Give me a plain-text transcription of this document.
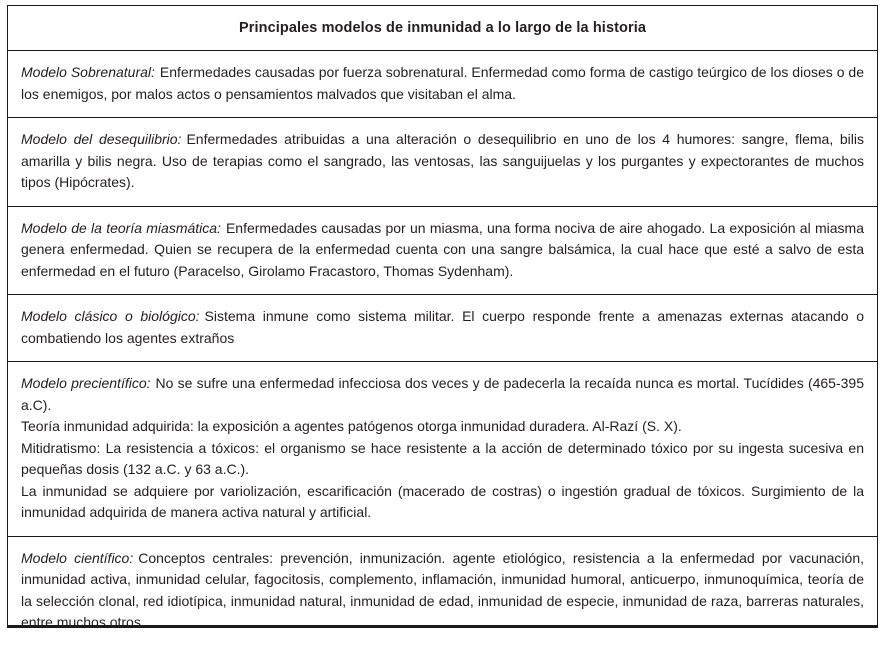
Principales modelos de inmunidad a lo largo de la historia

Modelo Sobrenatural: Enfermedades causadas por fuerza sobrenatural. Enfermedad como forma de castigo teúrgico de los dioses o de los enemigos, por malos actos o pensamientos malvados que visitaban el alma.

Modelo del desequilibrio: Enfermedades atribuidas a una alteración o desequilibrio en uno de los 4 humores: sangre, flema, bilis amarilla y bilis negra. Uso de terapias como el sangrado, las ventosas, las sanguijuelas y los purgantes y expectorantes de muchos tipos (Hipócrates).

Modelo de la teoría miasmática: Enfermedades causadas por un miasma, una forma nociva de aire ahogado. La exposición al miasma genera enfermedad. Quien se recupera de la enfermedad cuenta con una sangre balsámica, la cual hace que esté a salvo de esta enfermedad en el futuro (Paracelso, Girolamo Fracastoro, Thomas Sydenham).

Modelo clásico o biológico: Sistema inmune como sistema militar. El cuerpo responde frente a amenazas externas atacando o combatiendo los agentes extraños

Modelo precientífico: No se sufre una enfermedad infecciosa dos veces y de padecerla la recaída nunca es mortal. Tucídides (465-395 a.C).

Teoría inmunidad adquirida: la exposición a agentes patógenos otorga inmunidad duradera. Al-Razí (S. X).

Mitidratismo: La resistencia a tóxicos: el organismo se hace resistente a la acción de determinado tóxico por su ingesta sucesiva en pequeñas dosis (132 a.C. y 63 a.C.).

La inmunidad se adquiere por variolización, escarificación (macerado de costras) o ingestión gradual de tóxicos. Surgimiento de la inmunidad adquirida de manera activa natural y artificial.

Modelo científico: Conceptos centrales: prevención, inmunización. agente etiológico, resistencia a la enfermedad por vacunación, inmunidad activa, inmunidad celular, fagocitosis, complemento, inflamación, inmunidad humoral, anticuerpo, inmunoquímica, teoría de la selección clonal, red idiotípica, inmunidad natural, inmunidad de edad, inmunidad de especie, inmunidad de raza, barreras naturales, entre muchos otros.
